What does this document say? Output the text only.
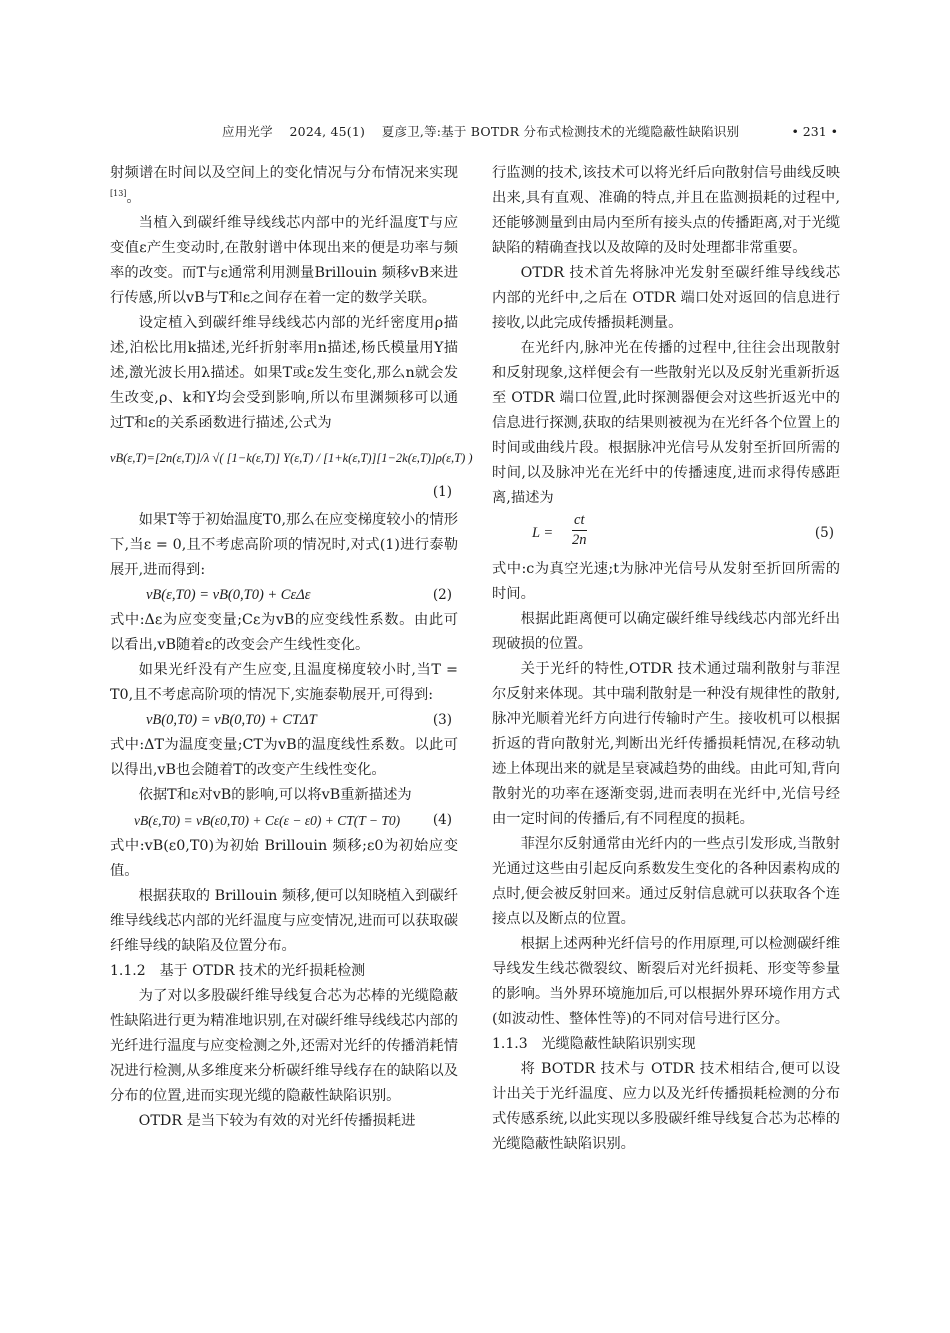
应用光学 2024, 45(1) 夏彦卫,等:基于 BOTDR 分布式检测技术的光缆隐蔽性缺陷识别	• 231 •

射频谱在时间以及空间上的变化情况与分布情况来实现[13]。

当植入到碳纤维导线线芯内部中的光纤温度T与应变值ε产生变动时,在散射谱中体现出来的便是功率与频率的改变。而T与ε通常利用测量Brillouin 频移vB来进行传感,所以vB与T和ε之间存在着一定的数学关联。

设定植入到碳纤维导线线芯内部的光纤密度用ρ描述,泊松比用k描述,光纤折射率用n描述,杨氏模量用Y描述,激光波长用λ描述。如果T或ε发生变化,那么n就会发生改变,ρ、k和Y均会受到影响,所以布里渊频移可以通过T和ε的关系函数进行描述,公式为

vB(ε,T)=[2n(ε,T)]/λ √( [1−k(ε,T)] Y(ε,T) / [1+k(ε,T)][1−2k(ε,T)]ρ(ε,T) )
(1)

如果T等于初始温度T0,那么在应变梯度较小的情形下,当ε = 0,且不考虑高阶项的情况时,对式(1)进行泰勒展开,进而得到:

vB(ε,T0) = vB(0,T0) + CεΔε	(2)

式中:Δε为应变变量;Cε为vB的应变线性系数。由此可以看出,vB随着ε的改变会产生线性变化。

如果光纤没有产生应变,且温度梯度较小时,当T = T0,且不考虑高阶项的情况下,实施泰勒展开,可得到:

vB(0,T0) = vB(0,T0) + CTΔT	(3)

式中:ΔT为温度变量;CT为vB的温度线性系数。以此可以得出,vB也会随着T的改变产生线性变化。

依据T和ε对vB的影响,可以将vB重新描述为

vB(ε,T0) = vB(ε0,T0) + Cε(ε − ε0) + CT(T − T0) (4)

式中:vB(ε0,T0)为初始 Brillouin 频移;ε0为初始应变值。

根据获取的 Brillouin 频移,便可以知晓植入到碳纤维导线线芯内部的光纤温度与应变情况,进而可以获取碳纤维导线的缺陷及位置分布。

1.1.2 基于 OTDR 技术的光纤损耗检测

为了对以多股碳纤维导线复合芯为芯棒的光缆隐蔽性缺陷进行更为精准地识别,在对碳纤维导线线芯内部的光纤进行温度与应变检测之外,还需对光纤的传播消耗情况进行检测,从多维度来分析碳纤维导线存在的缺陷以及分布的位置,进而实现光缆的隐蔽性缺陷识别。

OTDR 是当下较为有效的对光纤传播损耗进

行监测的技术,该技术可以将光纤后向散射信号曲线反映出来,具有直观、准确的特点,并且在监测损耗的过程中,还能够测量到由局内至所有接头点的传播距离,对于光缆缺陷的精确查找以及故障的及时处理都非常重要。

OTDR 技术首先将脉冲光发射至碳纤维导线线芯内部的光纤中,之后在 OTDR 端口处对返回的信息进行接收,以此完成传播损耗测量。

在光纤内,脉冲光在传播的过程中,往往会出现散射和反射现象,这样便会有一些散射光以及反射光重新折返至 OTDR 端口位置,此时探测器便会对这些折返光中的信息进行探测,获取的结果则被视为在光纤各个位置上的时间或曲线片段。根据脉冲光信号从发射至折回所需的时间,以及脉冲光在光纤中的传播速度,进而求得传感距离,描述为

$L = \frac{ct}{2n}$	(5)

式中:c为真空光速;t为脉冲光信号从发射至折回所需的时间。

根据此距离便可以确定碳纤维导线线芯内部光纤出现破损的位置。

关于光纤的特性,OTDR 技术通过瑞利散射与菲涅尔反射来体现。其中瑞利散射是一种没有规律性的散射,脉冲光顺着光纤方向进行传输时产生。接收机可以根据折返的背向散射光,判断出光纤传播损耗情况,在移动轨迹上体现出来的就是呈衰减趋势的曲线。由此可知,背向散射光的功率在逐渐变弱,进而表明在光纤中,光信号经由一定时间的传播后,有不同程度的损耗。

菲涅尔反射通常由光纤内的一些点引发形成,当散射光通过这些由引起反向系数发生变化的各种因素构成的点时,便会被反射回来。通过反射信息就可以获取各个连接点以及断点的位置。

根据上述两种光纤信号的作用原理,可以检测碳纤维导线发生线芯微裂纹、断裂后对光纤损耗、形变等参量的影响。当外界环境施加后,可以根据外界环境作用方式(如波动性、整体性等)的不同对信号进行区分。

1.1.3 光缆隐蔽性缺陷识别实现

将 BOTDR 技术与 OTDR 技术相结合,便可以设计出关于光纤温度、应力以及光纤传播损耗检测的分布式传感系统,以此实现以多股碳纤维导线复合芯为芯棒的光缆隐蔽性缺陷识别。
